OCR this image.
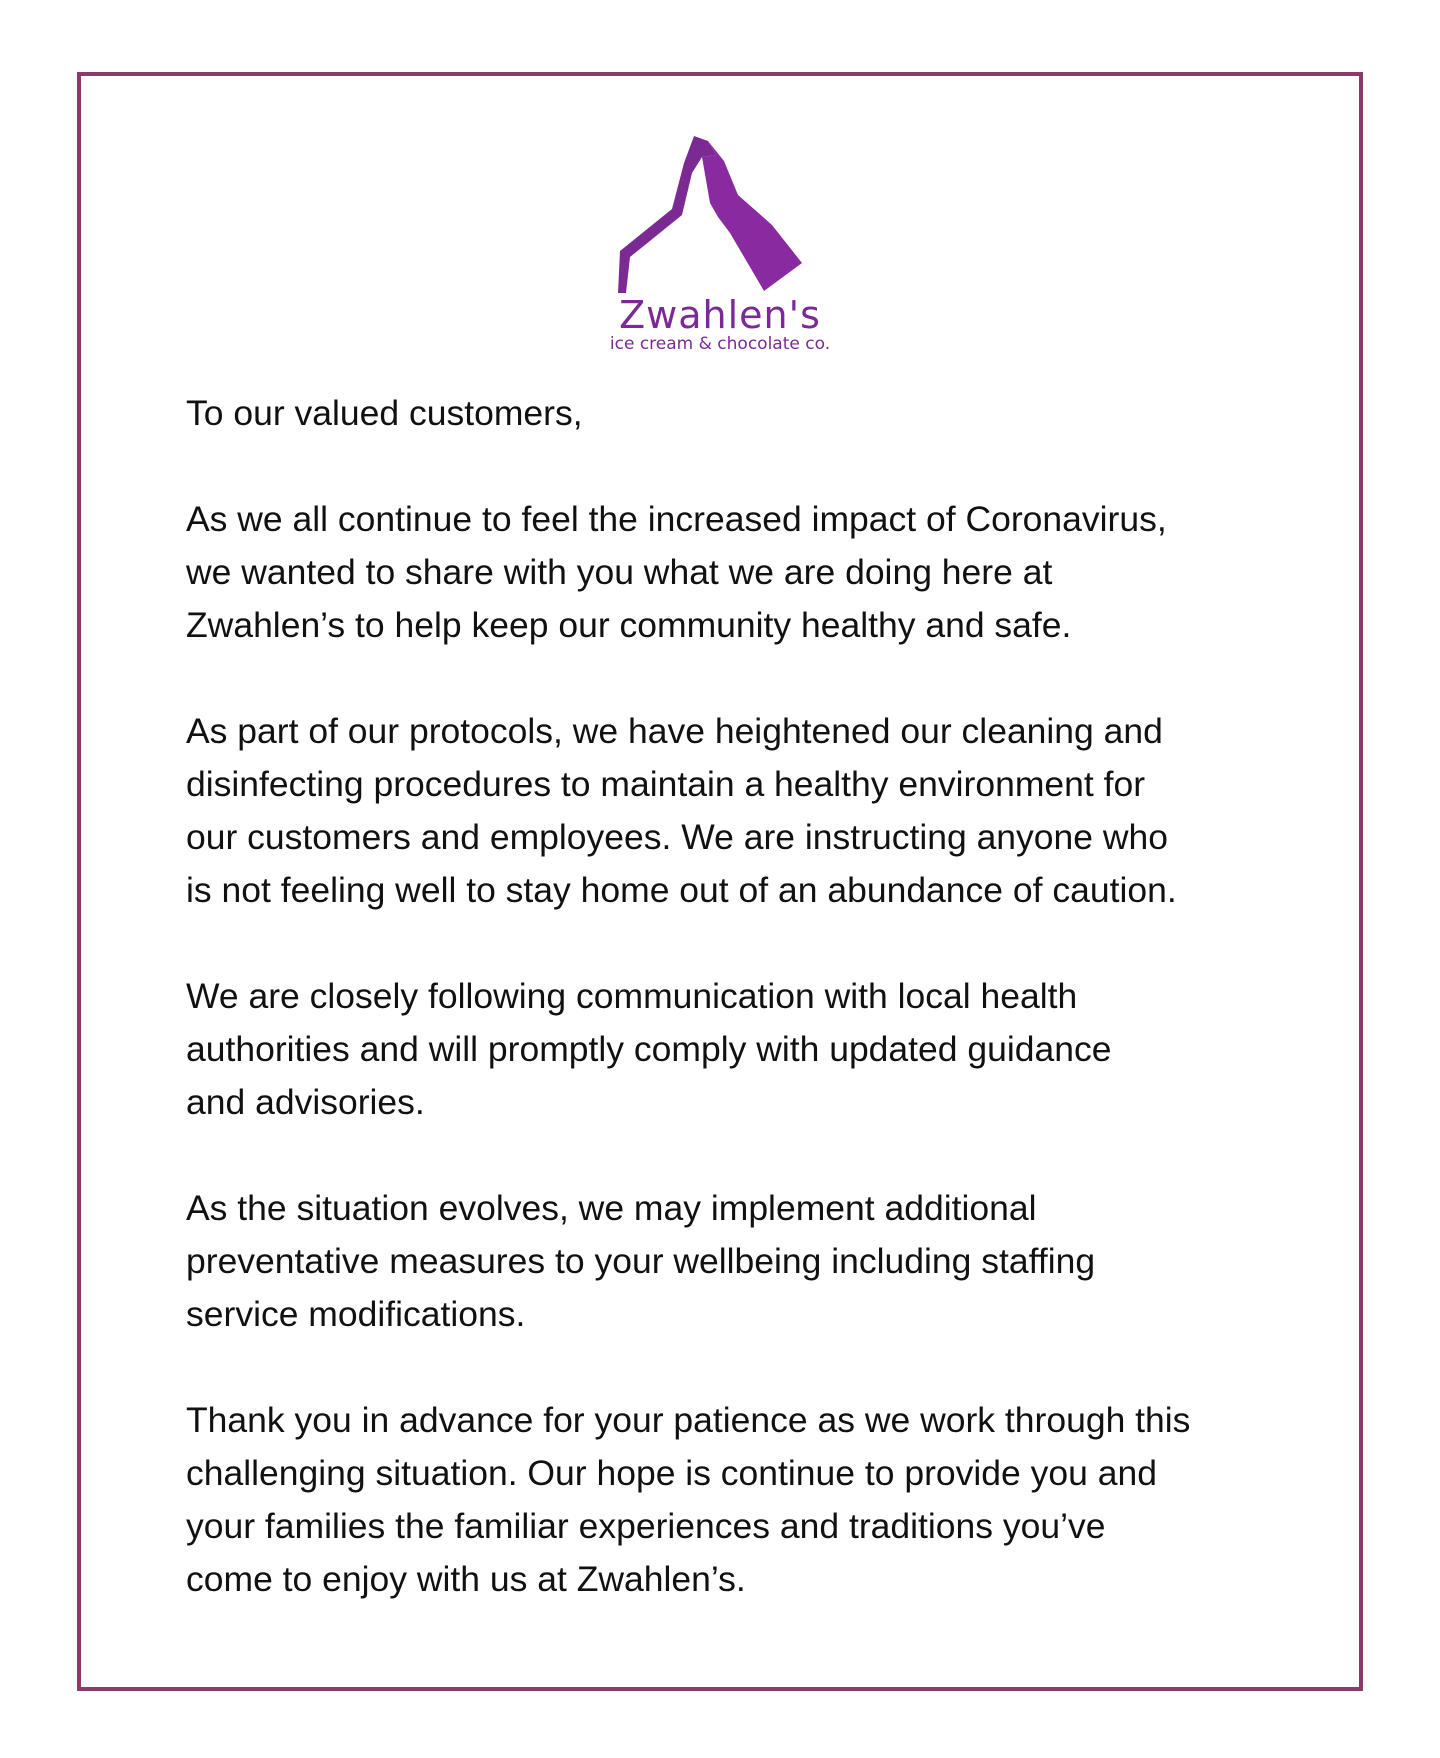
Zwahlen's
ice cream & chocolate co.

To our valued customers,

As we all continue to feel the increased impact of Coronavirus,
we wanted to share with you what we are doing here at
Zwahlen’s to help keep our community healthy and safe.

As part of our protocols, we have heightened our cleaning and
disinfecting procedures to maintain a healthy environment for
our customers and employees. We are instructing anyone who
is not feeling well to stay home out of an abundance of caution.

We are closely following communication with local health
authorities and will promptly comply with updated guidance
and advisories.

As the situation evolves, we may implement additional
preventative measures to your wellbeing including staffing
service modifications.

Thank you in advance for your patience as we work through this
challenging situation. Our hope is continue to provide you and
your families the familiar experiences and traditions you’ve
come to enjoy with us at Zwahlen’s.
